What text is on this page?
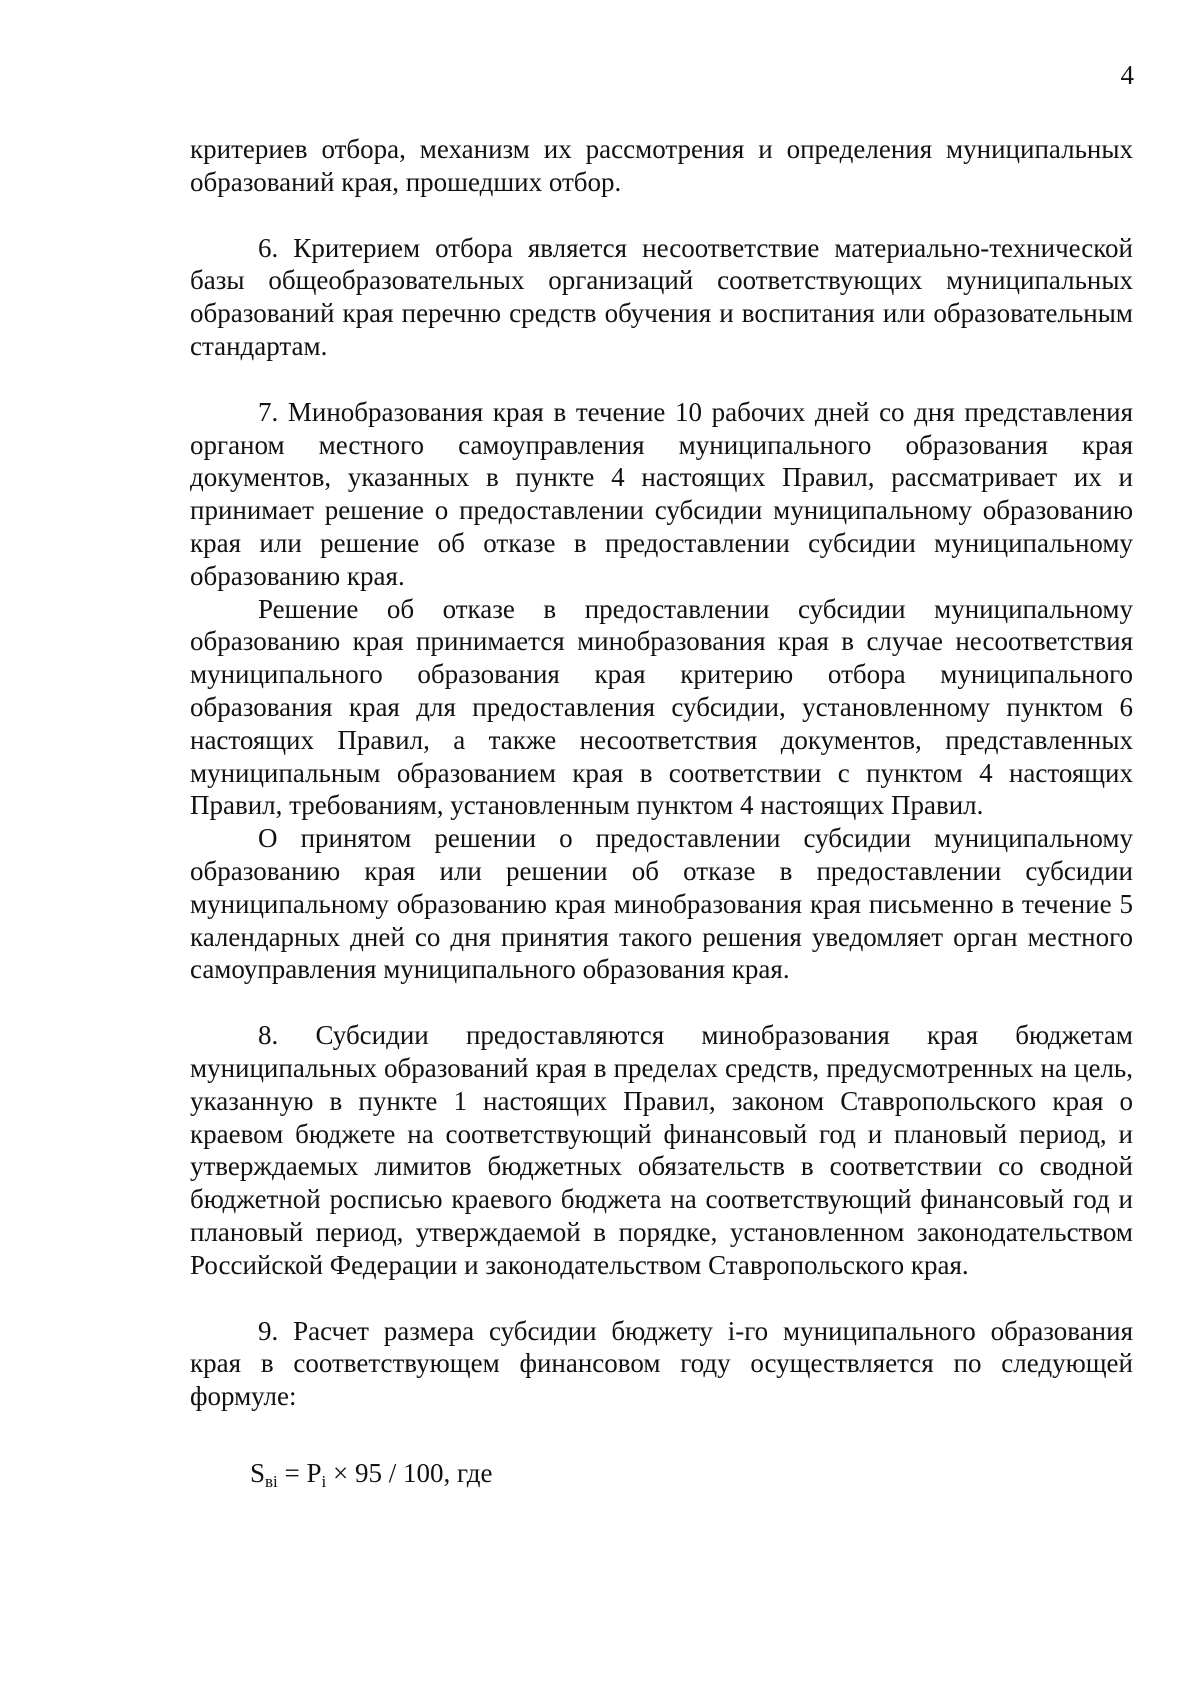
4

критериев отбора, механизм их рассмотрения и определения муниципальных образований края, прошедших отбор.

6. Критерием отбора является несоответствие материально-технической базы общеобразовательных организаций соответствующих муниципальных образований края перечню средств обучения и воспитания или образовательным стандартам.

7. Минобразования края в течение 10 рабочих дней со дня представления органом местного самоуправления муниципального образования края документов, указанных в пункте 4 настоящих Правил, рассматривает их и принимает решение о предоставлении субсидии муниципальному образованию края или решение об отказе в предоставлении субсидии муниципальному образованию края.

Решение об отказе в предоставлении субсидии муниципальному образованию края принимается минобразования края в случае несоответствия муниципального образования края критерию отбора муниципального образования края для предоставления субсидии, установленному пунктом 6 настоящих Правил, а также несоответствия документов, представленных муниципальным образованием края в соответствии с пунктом 4 настоящих Правил, требованиям, установленным пунктом 4 настоящих Правил.

О принятом решении о предоставлении субсидии муниципальному образованию края или решении об отказе в предоставлении субсидии муниципальному образованию края минобразования края письменно в течение 5 календарных дней со дня принятия такого решения уведомляет орган местного самоуправления муниципального образования края.

8. Субсидии предоставляются минобразования края бюджетам муниципальных образований края в пределах средств, предусмотренных на цель, указанную в пункте 1 настоящих Правил, законом Ставропольского края о краевом бюджете на соответствующий финансовый год и плановый период, и утверждаемых лимитов бюджетных обязательств в соответствии со сводной бюджетной росписью краевого бюджета на соответствующий финансовый год и плановый период, утверждаемой в порядке, установленном законодательством Российской Федерации и законодательством Ставропольского края.

9. Расчет размера субсидии бюджету i-го муниципального образования края в соответствующем финансовом году осуществляется по следующей формуле:

$S_{вi} = P_i \times 95 / 100$, где
